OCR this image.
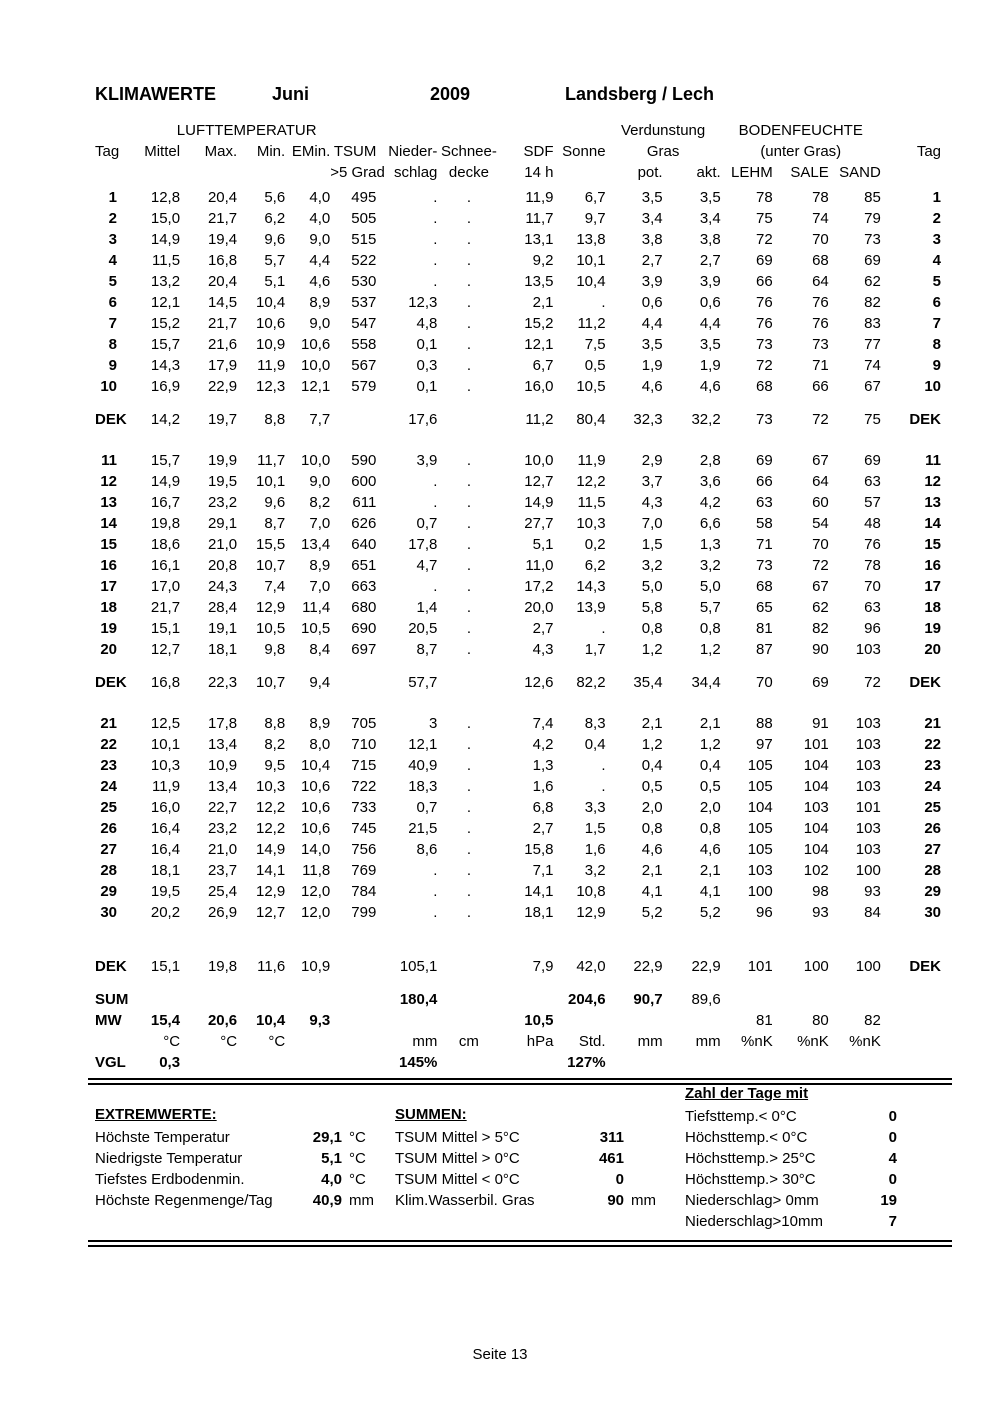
KLIMAWERTE	Juni	2009	Landsberg / Lech
	LUFTTEMPERATUR									Verdunstung		BODENFEUCHTE			
Tag	Mittel	Max.	Min.	EMin.	TSUM	Nieder-	Schnee-	SDF	Sonne	Gras		(unter Gras)			Tag
					>5 Grad	schlag	decke	14 h		pot.	akt.	LEHM	SALE	SAND	

1	12,8	20,4	5,6	4,0	495	.	.	11,9	6,7	3,5	3,5	78	78	85	1
2	15,0	21,7	6,2	4,0	505	.	.	11,7	9,7	3,4	3,4	75	74	79	2
3	14,9	19,4	9,6	9,0	515	.	.	13,1	13,8	3,8	3,8	72	70	73	3
4	11,5	16,8	5,7	4,4	522	.	.	9,2	10,1	2,7	2,7	69	68	69	4
5	13,2	20,4	5,1	4,6	530	.	.	13,5	10,4	3,9	3,9	66	64	62	5
6	12,1	14,5	10,4	8,9	537	12,3	.	2,1	.	0,6	0,6	76	76	82	6
7	15,2	21,7	10,6	9,0	547	4,8	.	15,2	11,2	4,4	4,4	76	76	83	7
8	15,7	21,6	10,9	10,6	558	0,1	.	12,1	7,5	3,5	3,5	73	73	77	8
9	14,3	17,9	11,9	10,0	567	0,3	.	6,7	0,5	1,9	1,9	72	71	74	9
10	16,9	22,9	12,3	12,1	579	0,1	.	16,0	10,5	4,6	4,6	68	66	67	10

DEK	14,2	19,7	8,8	7,7		17,6		11,2	80,4	32,3	32,2	73	72	75	DEK

11	15,7	19,9	11,7	10,0	590	3,9	.	10,0	11,9	2,9	2,8	69	67	69	11
12	14,9	19,5	10,1	9,0	600	.	.	12,7	12,2	3,7	3,6	66	64	63	12
13	16,7	23,2	9,6	8,2	611	.	.	14,9	11,5	4,3	4,2	63	60	57	13
14	19,8	29,1	8,7	7,0	626	0,7	.	27,7	10,3	7,0	6,6	58	54	48	14
15	18,6	21,0	15,5	13,4	640	17,8	.	5,1	0,2	1,5	1,3	71	70	76	15
16	16,1	20,8	10,7	8,9	651	4,7	.	11,0	6,2	3,2	3,2	73	72	78	16
17	17,0	24,3	7,4	7,0	663	.	.	17,2	14,3	5,0	5,0	68	67	70	17
18	21,7	28,4	12,9	11,4	680	1,4	.	20,0	13,9	5,8	5,7	65	62	63	18
19	15,1	19,1	10,5	10,5	690	20,5	.	2,7	.	0,8	0,8	81	82	96	19
20	12,7	18,1	9,8	8,4	697	8,7	.	4,3	1,7	1,2	1,2	87	90	103	20

DEK	16,8	22,3	10,7	9,4		57,7		12,6	82,2	35,4	34,4	70	69	72	DEK

21	12,5	17,8	8,8	8,9	705	3	.	7,4	8,3	2,1	2,1	88	91	103	21
22	10,1	13,4	8,2	8,0	710	12,1	.	4,2	0,4	1,2	1,2	97	101	103	22
23	10,3	10,9	9,5	10,4	715	40,9	.	1,3	.	0,4	0,4	105	104	103	23
24	11,9	13,4	10,3	10,6	722	18,3	.	1,6	.	0,5	0,5	105	104	103	24
25	16,0	22,7	12,2	10,6	733	0,7	.	6,8	3,3	2,0	2,0	104	103	101	25
26	16,4	23,2	12,2	10,6	745	21,5	.	2,7	1,5	0,8	0,8	105	104	103	26
27	16,4	21,0	14,9	14,0	756	8,6	.	15,8	1,6	4,6	4,6	105	104	103	27
28	18,1	23,7	14,1	11,8	769	.	.	7,1	3,2	2,1	2,1	103	102	100	28
29	19,5	25,4	12,9	12,0	784	.	.	14,1	10,8	4,1	4,1	100	98	93	29
30	20,2	26,9	12,7	12,0	799	.	.	18,1	12,9	5,2	5,2	96	93	84	30

DEK	15,1	19,8	11,6	10,9		105,1		7,9	42,0	22,9	22,9	101	100	100	DEK

SUM						180,4			204,6	90,7	89,6				
MW	15,4	20,6	10,4	9,3				10,5				81	80	82	
	°C	°C	°C			mm	cm	hPa	Std.	mm	mm	%nK	%nK	%nK	
VGL	0,3					145%			127%						
EXTREMWERTE:
Höchste Temperatur	29,1 °C
Niedrigste Temperatur	5,1 °C
Tiefstes Erdbodenmin.	4,0 °C
Höchste Regenmenge/Tag	40,9 mm
SUMMEN:
TSUM Mittel > 5°C	311
TSUM Mittel > 0°C	461
TSUM Mittel < 0°C	0
Klim.Wasserbil. Gras	90 mm
Zahl der Tage mit
Tiefsttemp.< 0°C	0
Höchsttemp.< 0°C	0
Höchsttemp.> 25°C	4
Höchsttemp.> 30°C	0
Niederschlag> 0mm	19
Niederschlag>10mm	7
Seite 13
